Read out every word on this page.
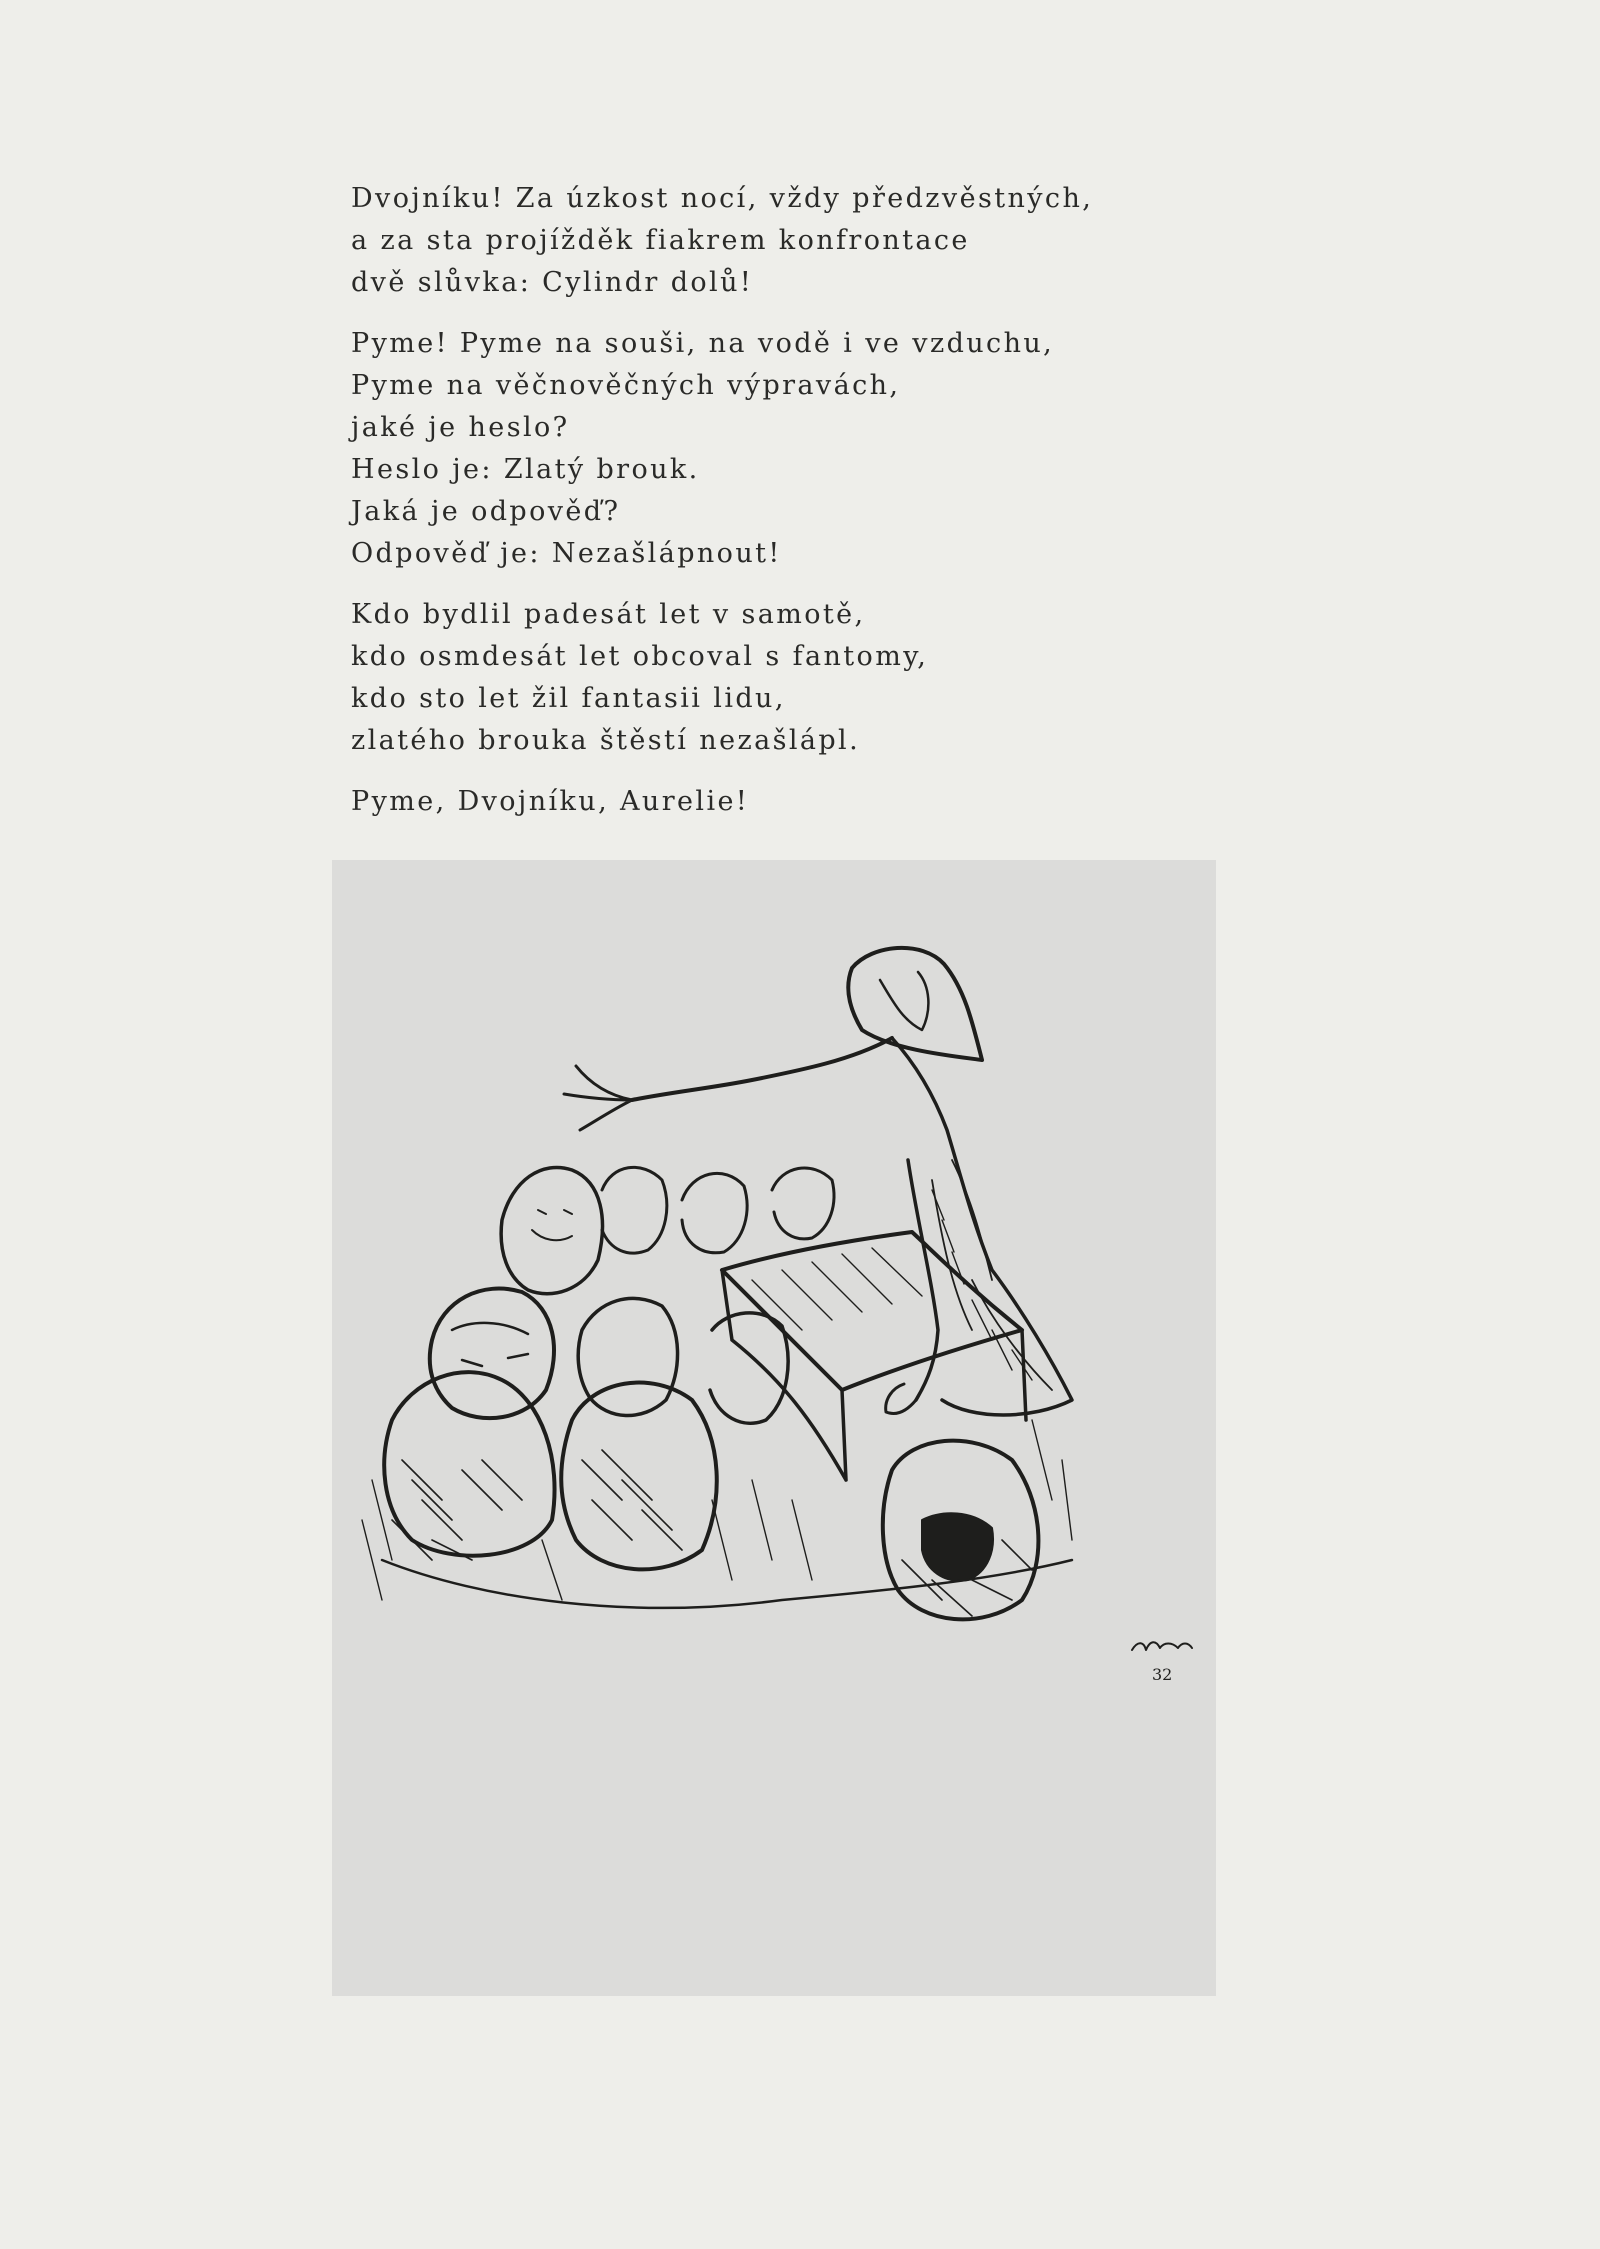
Dvojníku! Za úzkost nocí, vždy předzvěstných,
a za sta projížděk fiakrem konfrontace
dvě slůvka: Cylindr dolů!
Pyme! Pyme na souši, na vodě i ve vzduchu,
Pyme na věčnověčných výpravách,
jaké je heslo?
Heslo je: Zlatý brouk.
Jaká je odpověď?
Odpověď je: Nezašlápnout!
Kdo bydlil padesát let v samotě,
kdo osmdesát let obcoval s fantomy,
kdo sto let žil fantasii lidu,
zlatého brouka štěstí nezašlápl.
Pyme, Dvojníku, Aurelie!
32
